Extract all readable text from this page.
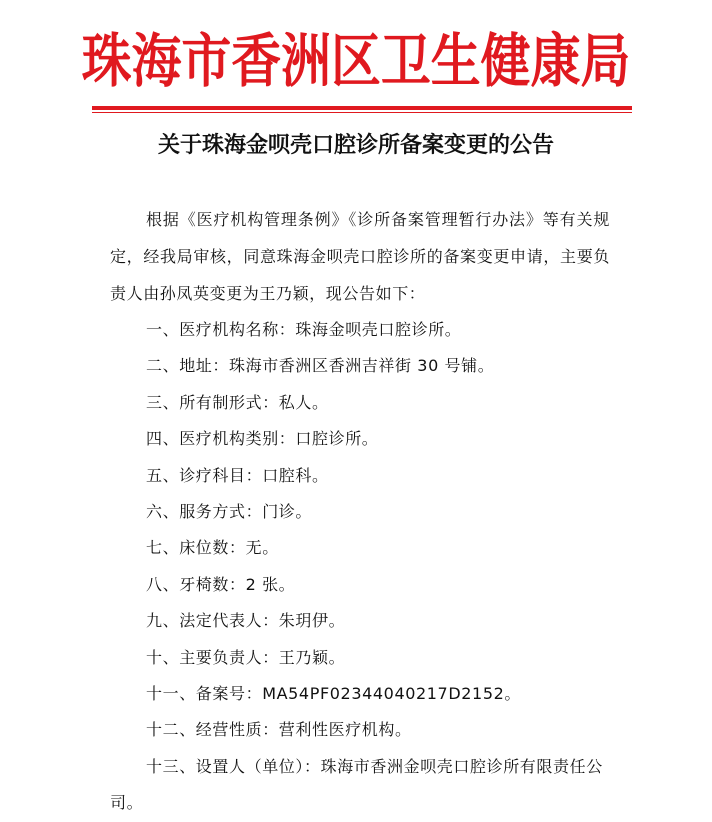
珠海市香洲区卫生健康局
关于珠海金呗壳口腔诊所备案变更的公告

根据《医疗机构管理条例》《诊所备案管理暂行办法》等有关规定，经我局审核，同意珠海金呗壳口腔诊所的备案变更申请，主要负责人由孙凤英变更为王乃颖，现公告如下：

一、医疗机构名称：珠海金呗壳口腔诊所。

二、地址：珠海市香洲区香洲吉祥街 30 号铺。

三、所有制形式：私人。

四、医疗机构类别：口腔诊所。

五、诊疗科目：口腔科。

六、服务方式：门诊。

七、床位数：无。

八、牙椅数：2 张。

九、法定代表人：朱玥伊。

十、主要负责人：王乃颖。

十一、备案号：MA54PF02344040217D2152。

十二、经营性质：营利性医疗机构。

十三、设置人（单位）：珠海市香洲金呗壳口腔诊所有限责任公司。
